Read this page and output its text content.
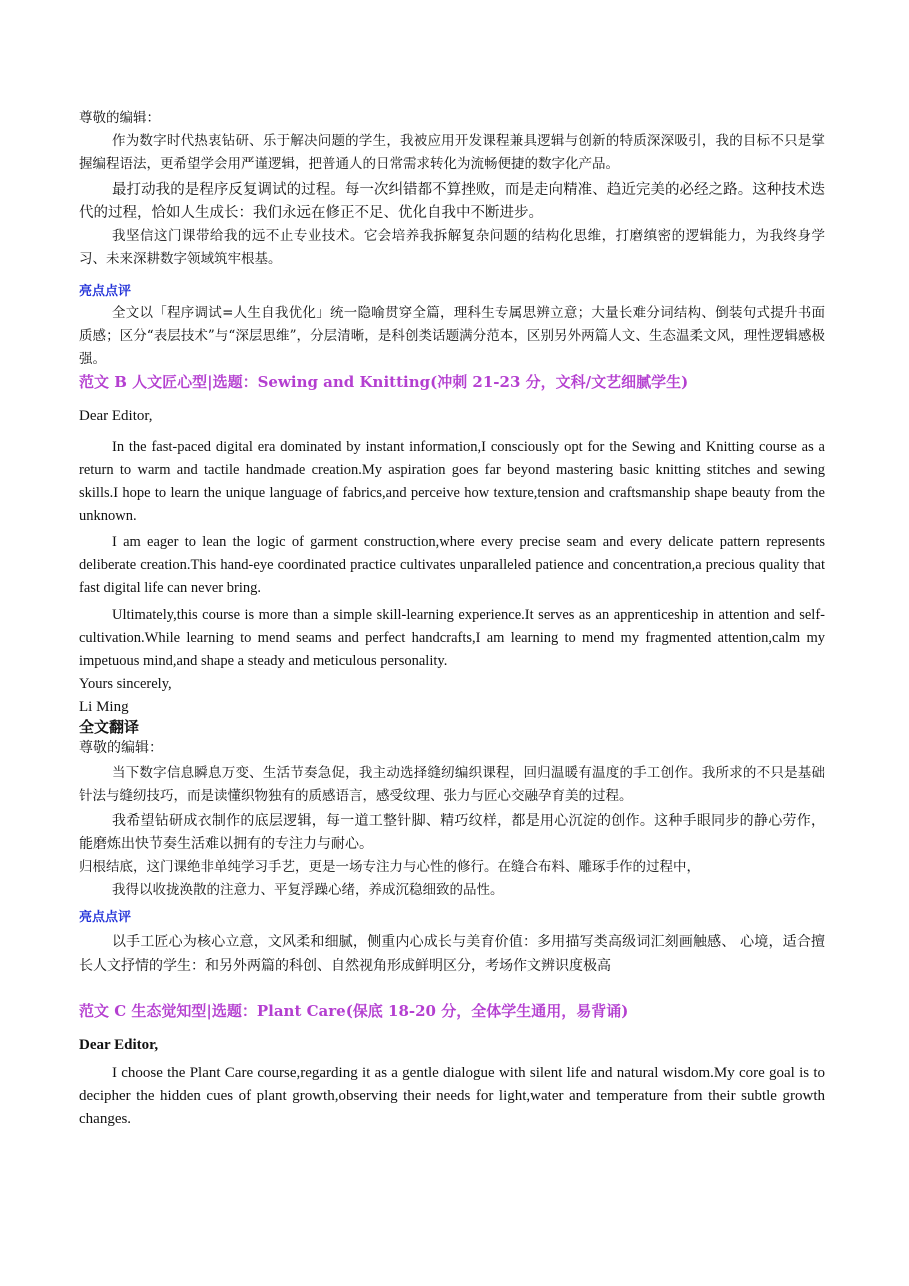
尊敬的编辑：

作为数字时代热衷钻研、乐于解决问题的学生，我被应用开发课程兼具逻辑与创新的特质深深吸引，我的目标不只是掌握编程语法，更希望学会用严谨逻辑，把普通人的日常需求转化为流畅便捷的数字化产品。

最打动我的是程序反复调试的过程。每一次纠错都不算挫败，而是走向精准、趋近完美的必经之路。这种技术迭代的过程，恰如人生成长：我们永远在修正不足、优化自我中不断进步。

我坚信这门课带给我的远不止专业技术。它会培养我拆解复杂问题的结构化思维，打磨缜密的逻辑能力，为我终身学习、未来深耕数字领域筑牢根基。

亮点点评

全文以「程序调试=人生自我优化」统一隐喻贯穿全篇，理科生专属思辨立意；大量长难分词结构、倒装句式提升书面质感；区分“表层技术”与“深层思维”，分层清晰，是科创类话题满分范本，区别另外两篇人文、生态温柔文风，理性逻辑感极 强。

范文 B 人文匠心型|选题：Sewing and Knitting(冲刺 21-23 分，文科/文艺细腻学生)

Dear Editor,

In the fast-paced digital era dominated by instant information,I consciously opt for the Sewing and Knitting course as a return to warm and tactile handmade creation.My aspiration goes far beyond mastering basic knitting stitches and sewing skills.I hope to learn the unique language of fabrics,and perceive how texture,tension and craftsmanship shape beauty from the unknown.

I am eager to lean the logic of garment construction,where every precise seam and every delicate pattern represents deliberate creation.This hand-eye coordinated practice cultivates unparalleled patience and concentration,a precious quality that fast digital life can never bring.

Ultimately,this course is more than a simple skill-learning experience.It serves as an apprenticeship in attention and self-cultivation.While learning to mend seams and perfect handcrafts,I am learning to mend my fragmented attention,calm my impetuous mind,and shape a steady and meticulous personality.

Yours sincerely,

Li Ming

全文翻译

尊敬的编辑：

当下数字信息瞬息万变、生活节奏急促，我主动选择缝纫编织课程，回归温暖有温度的手工创作。我所求的不只是基础针法与缝纫技巧，而是读懂织物独有的质感语言，感受纹理、张力与匠心交融孕育美的过程。

我希望钻研成衣制作的底层逻辑，每一道工整针脚、精巧纹样，都是用心沉淀的创作。这种手眼同步的静心劳作，能磨炼出快节奏生活难以拥有的专注力与耐心。

归根结底，这门课绝非单纯学习手艺，更是一场专注力与心性的修行。在缝合布料、雕琢手作的过程中，

我得以收拢涣散的注意力、平复浮躁心绪，养成沉稳细致的品性。

亮点点评

以手工匠心为核心立意，文风柔和细腻，侧重内心成长与美育价值：多用描写类高级词汇刻画触感、 心境，适合擅长人文抒情的学生：和另外两篇的科创、自然视角形成鲜明区分，考场作文辨识度极高

范文 C 生态觉知型|选题：Plant Care(保底 18-20 分，全体学生通用，易背诵)

Dear Editor,

I choose the Plant Care course,regarding it as a gentle dialogue with silent life and natural wisdom.My core goal is to decipher the hidden cues of plant growth,observing their needs for light,water and temperature from their subtle growth changes.
